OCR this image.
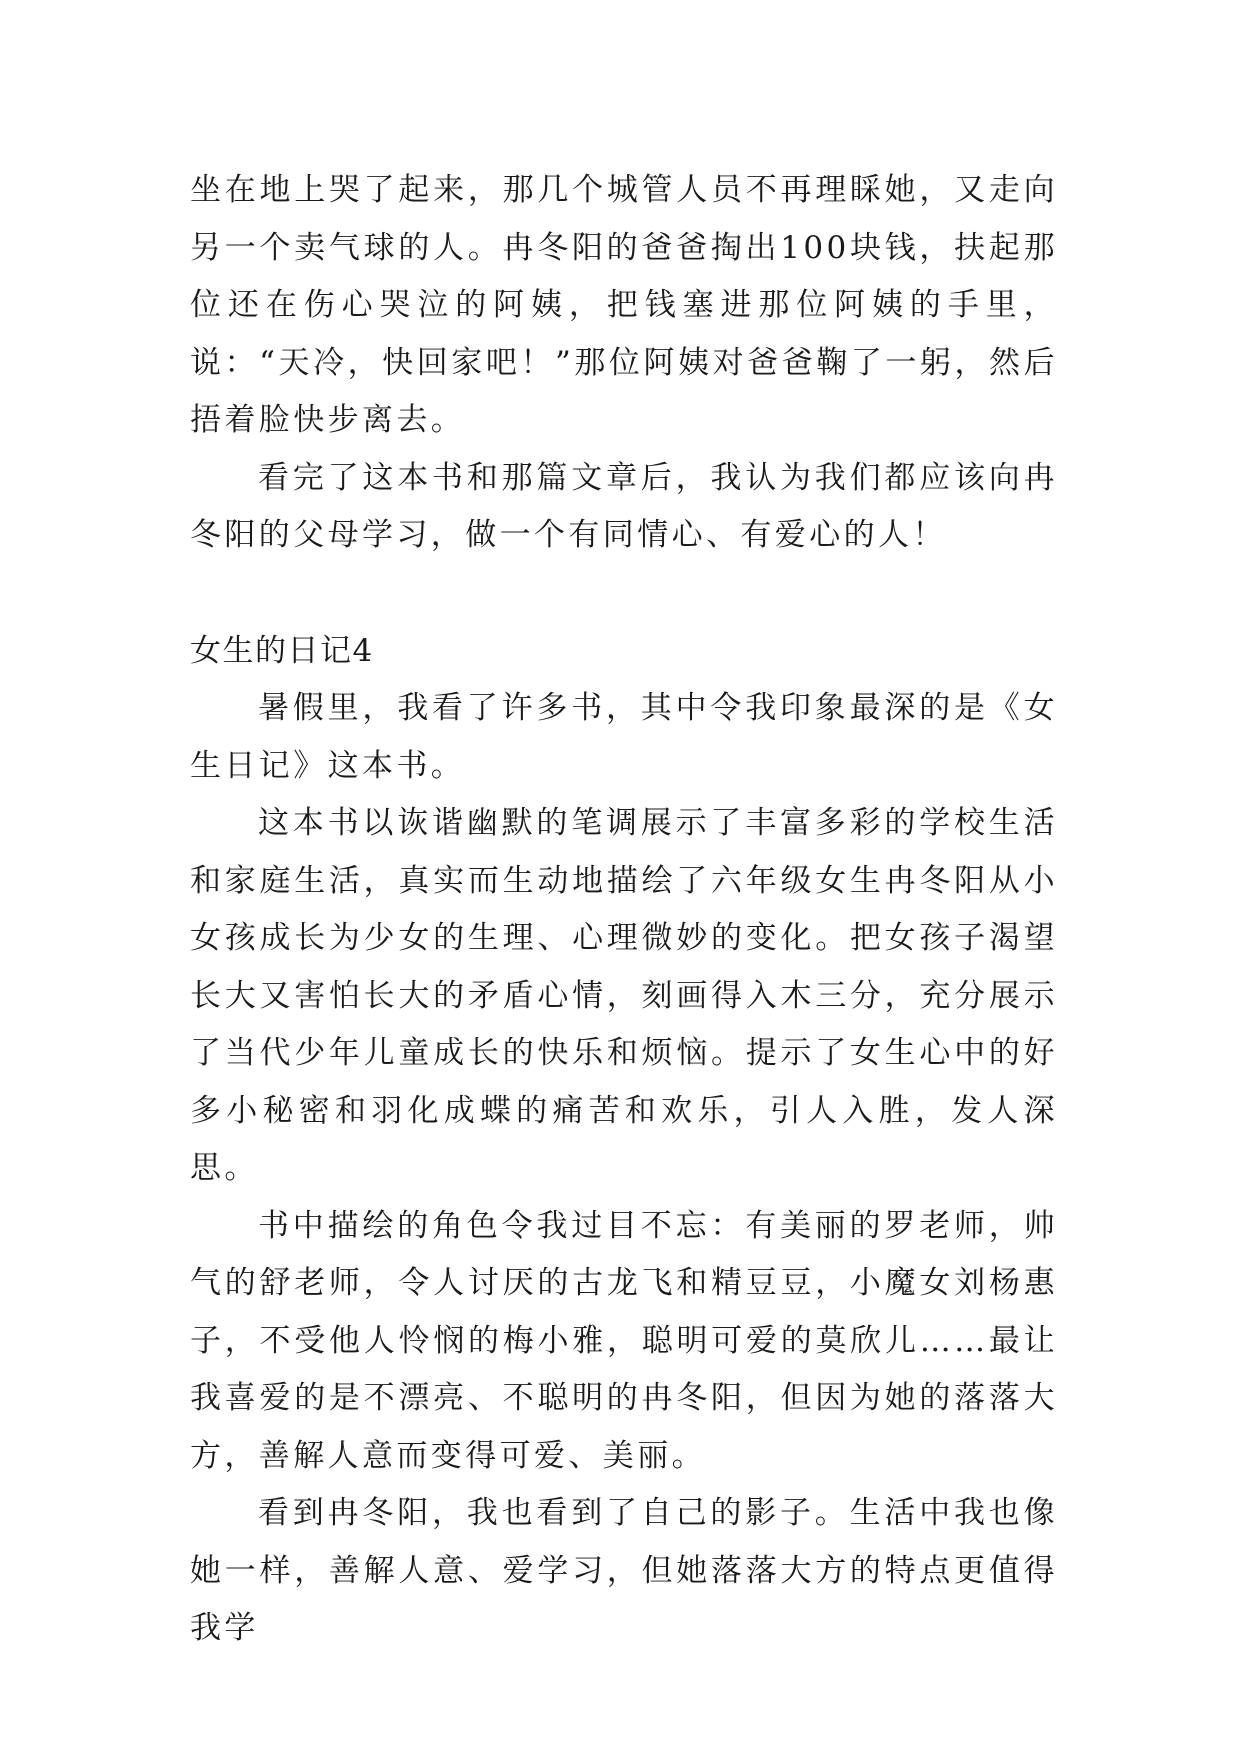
坐在地上哭了起来，那几个城管人员不再理睬她，又走向另一个卖气球的人。冉冬阳的爸爸掏出100块钱，扶起那位还在伤心哭泣的阿姨，把钱塞进那位阿姨的手里，说：“天冷，快回家吧！”那位阿姨对爸爸鞠了一躬，然后捂着脸快步离去。

看完了这本书和那篇文章后，我认为我们都应该向冉冬阳的父母学习，做一个有同情心、有爱心的人！

女生的日记4

暑假里，我看了许多书，其中令我印象最深的是《女生日记》这本书。

这本书以诙谐幽默的笔调展示了丰富多彩的学校生活和家庭生活，真实而生动地描绘了六年级女生冉冬阳从小女孩成长为少女的生理、心理微妙的变化。把女孩子渴望长大又害怕长大的矛盾心情，刻画得入木三分，充分展示了当代少年儿童成长的快乐和烦恼。提示了女生心中的好多小秘密和羽化成蝶的痛苦和欢乐，引人入胜，发人深思。

书中描绘的角色令我过目不忘：有美丽的罗老师，帅气的舒老师，令人讨厌的古龙飞和精豆豆，小魔女刘杨惠子，不受他人怜悯的梅小雅，聪明可爱的莫欣儿……最让我喜爱的是不漂亮、不聪明的冉冬阳，但因为她的落落大方，善解人意而变得可爱、美丽。

看到冉冬阳，我也看到了自己的影子。生活中我也像她一样，善解人意、爱学习，但她落落大方的特点更值得我学
